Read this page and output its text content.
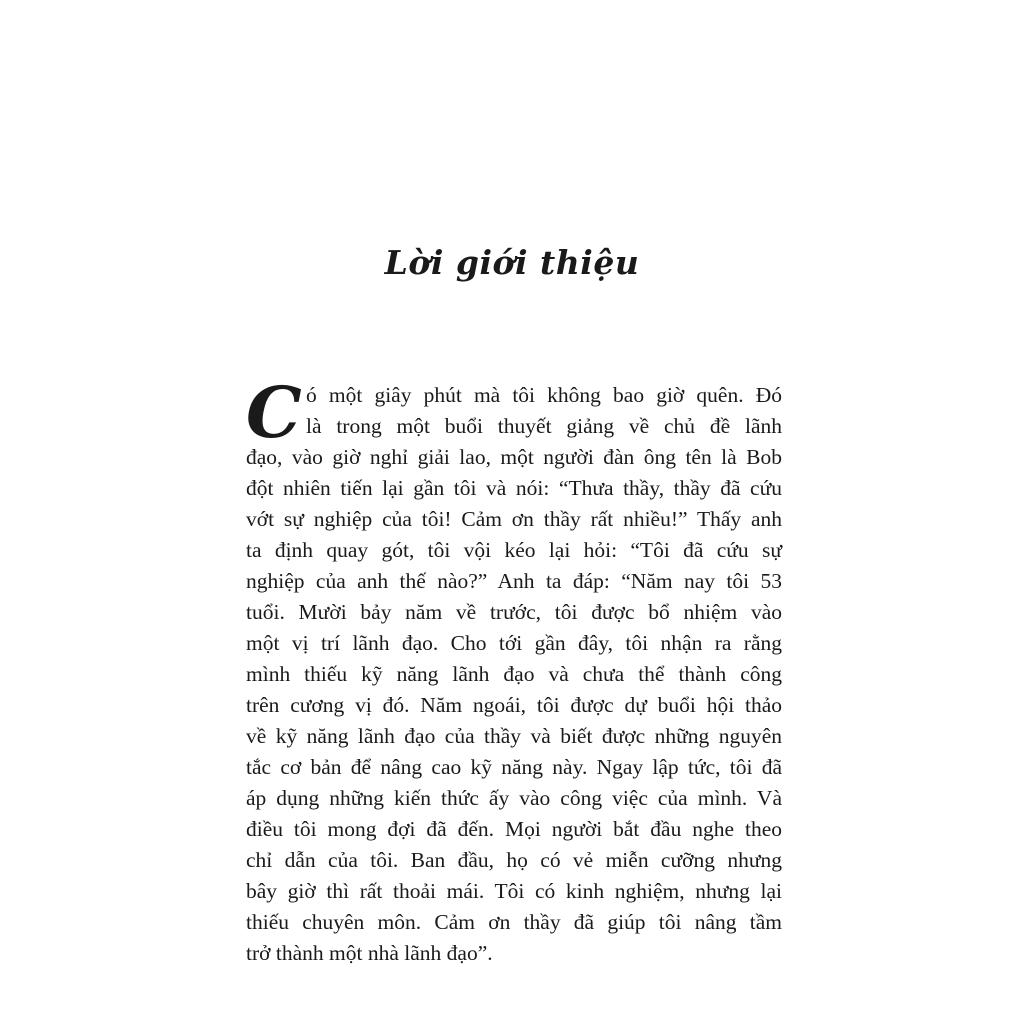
Lời giới thiệu
C ó một giây phút mà tôi không bao giờ quên. Đó
là trong một buổi thuyết giảng về chủ đề lãnh
đạo, vào giờ nghỉ giải lao, một người đàn ông tên là Bob
đột nhiên tiến lại gần tôi và nói: “Thưa thầy, thầy đã cứu
vớt sự nghiệp của tôi! Cảm ơn thầy rất nhiều!” Thấy anh
ta định quay gót, tôi vội kéo lại hỏi: “Tôi đã cứu sự
nghiệp của anh thế nào?” Anh ta đáp: “Năm nay tôi 53
tuổi. Mười bảy năm về trước, tôi được bổ nhiệm vào
một vị trí lãnh đạo. Cho tới gần đây, tôi nhận ra rằng
mình thiếu kỹ năng lãnh đạo và chưa thể thành công
trên cương vị đó. Năm ngoái, tôi được dự buổi hội thảo
về kỹ năng lãnh đạo của thầy và biết được những nguyên
tắc cơ bản để nâng cao kỹ năng này. Ngay lập tức, tôi đã
áp dụng những kiến thức ấy vào công việc của mình. Và
điều tôi mong đợi đã đến. Mọi người bắt đầu nghe theo
chỉ dẫn của tôi. Ban đầu, họ có vẻ miễn cưỡng nhưng
bây giờ thì rất thoải mái. Tôi có kinh nghiệm, nhưng lại
thiếu chuyên môn. Cảm ơn thầy đã giúp tôi nâng tầm
trở thành một nhà lãnh đạo”.
